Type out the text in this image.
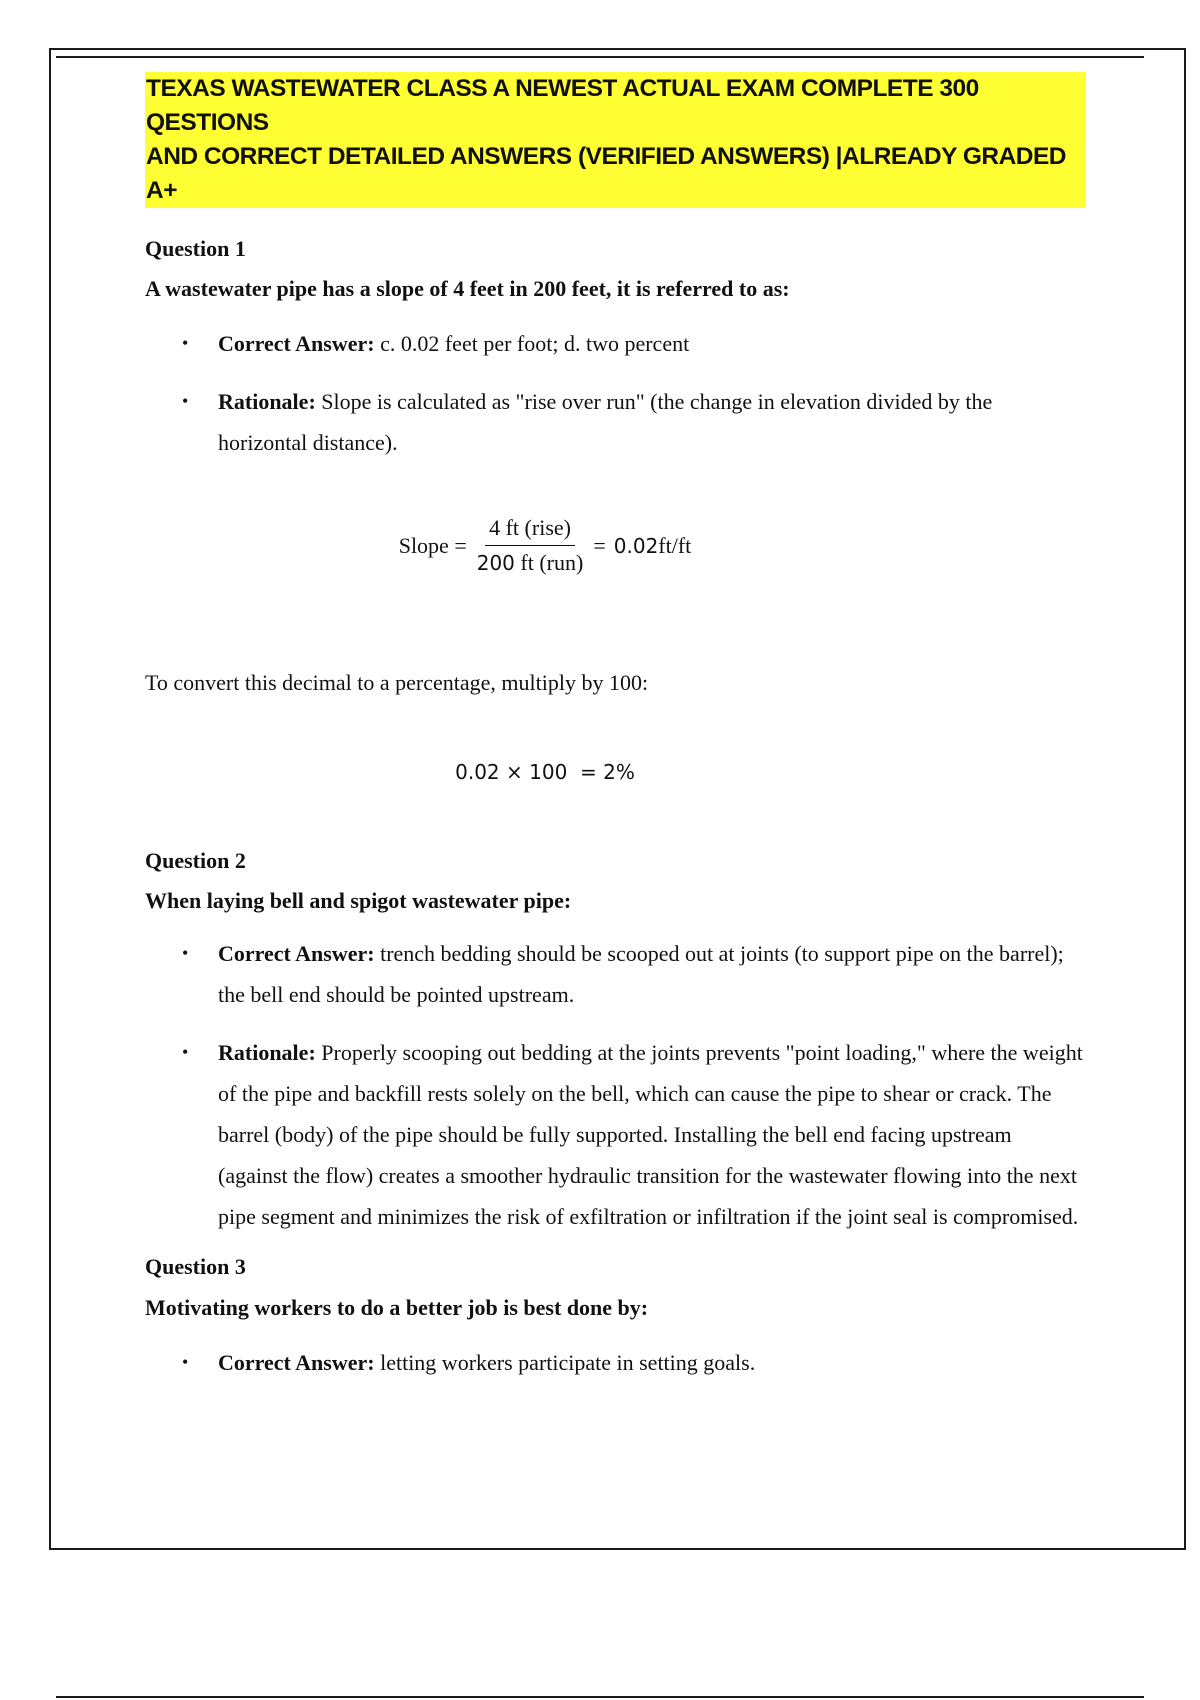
TEXAS WASTEWATER CLASS A NEWEST ACTUAL EXAM COMPLETE 300 QESTIONS
AND CORRECT DETAILED ANSWERS (VERIFIED ANSWERS) |ALREADY GRADED A+

Question 1

A wastewater pipe has a slope of 4 feet in 200 feet, it is referred to as:

• Correct Answer: c. 0.02 feet per foot; d. two percent
• Rationale: Slope is calculated as "rise over run" (the change in elevation divided by the horizontal distance).
Slope = $\frac{\text{4 ft (rise)}}{\text{200 ft (run)}} = 0.02$ ft/ft

To convert this decimal to a percentage, multiply by 100:

0.02 × 100  = 2%

Question 2

When laying bell and spigot wastewater pipe:

• Correct Answer: trench bedding should be scooped out at joints (to support pipe on the barrel); the bell end should be pointed upstream.
• Rationale: Properly scooping out bedding at the joints prevents "point loading," where the weight of the pipe and backfill rests solely on the bell, which can cause the pipe to shear or crack. The barrel (body) of the pipe should be fully supported. Installing the bell end facing upstream (against the flow) creates a smoother hydraulic transition for the wastewater flowing into the next pipe segment and minimizes the risk of exfiltration or infiltration if the joint seal is compromised.

Question 3

Motivating workers to do a better job is best done by:

• Correct Answer: letting workers participate in setting goals.
